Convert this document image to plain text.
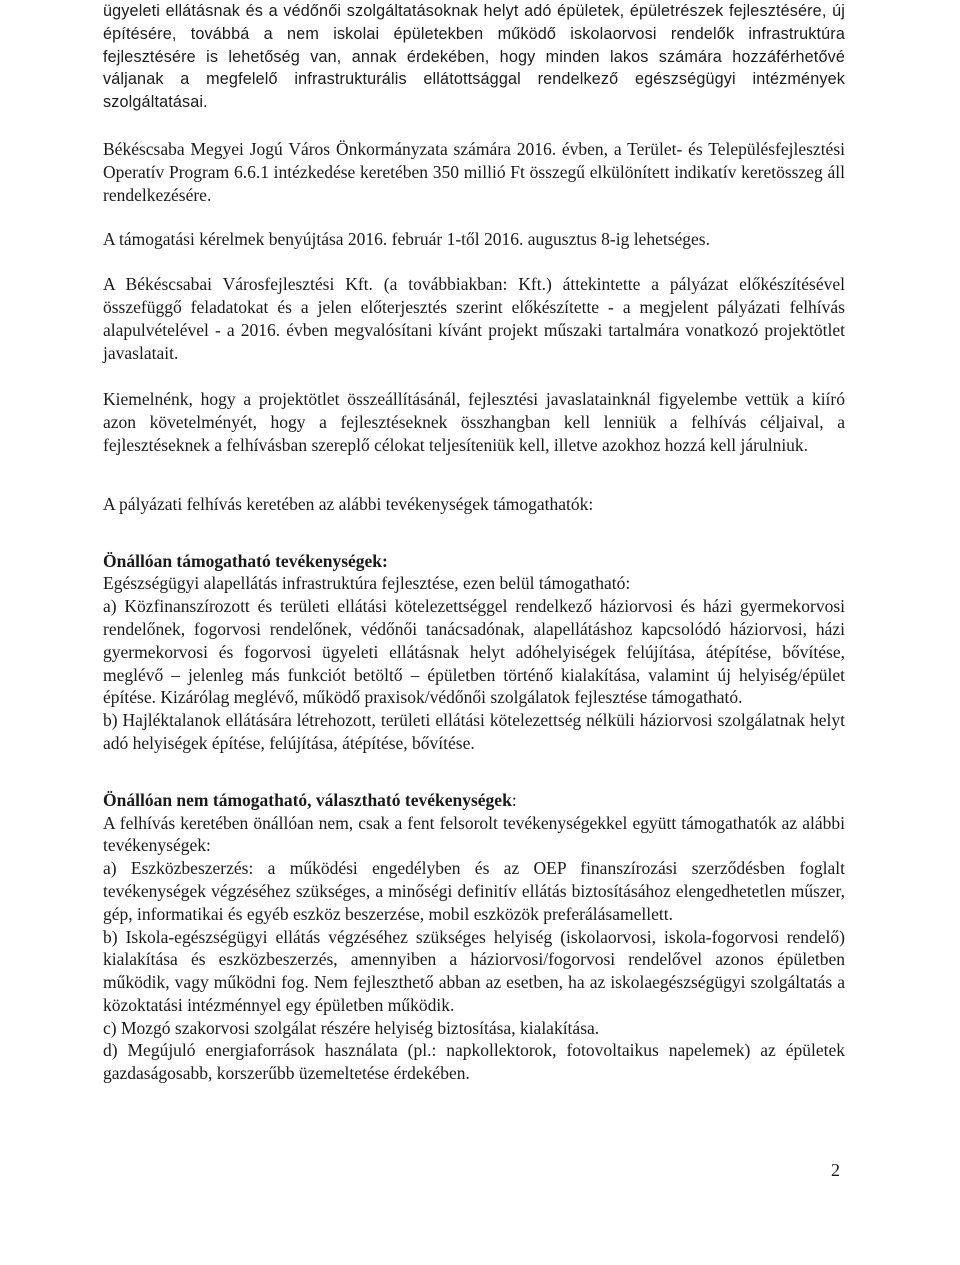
ügyeleti ellátásnak és a védőnői szolgáltatásoknak helyt adó épületek, épületrészek fejlesztésére, új építésére, továbbá a nem iskolai épületekben működő iskolaorvosi rendelők infrastruktúra fejlesztésére is lehetőség van, annak érdekében, hogy minden lakos számára hozzáférhetővé váljanak a megfelelő infrastrukturális ellátottsággal rendelkező egészségügyi intézmények szolgáltatásai.

Békéscsaba Megyei Jogú Város Önkormányzata számára 2016. évben, a Terület- és Településfejlesztési Operatív Program 6.6.1 intézkedése keretében 350 millió Ft összegű elkülönített indikatív keretösszeg áll rendelkezésére.

A támogatási kérelmek benyújtása 2016. február 1-től 2016. augusztus 8-ig lehetséges.

A Békéscsabai Városfejlesztési Kft. (a továbbiakban: Kft.) áttekintette a pályázat előkészítésével összefüggő feladatokat és a jelen előterjesztés szerint előkészítette - a megjelent pályázati felhívás alapulvételével - a 2016. évben megvalósítani kívánt projekt műszaki tartalmára vonatkozó projektötlet javaslatait.

Kiemelnénk, hogy a projektötlet összeállításánál, fejlesztési javaslatainknál figyelembe vettük a kiíró azon követelményét, hogy a fejlesztéseknek összhangban kell lenniük a felhívás céljaival, a fejlesztéseknek a felhívásban szereplő célokat teljesíteniük kell, illetve azokhoz hozzá kell járulniuk.

A pályázati felhívás keretében az alábbi tevékenységek támogathatók:

Önállóan támogatható tevékenységek:

Egészségügyi alapellátás infrastruktúra fejlesztése, ezen belül támogatható:

a) Közfinanszírozott és területi ellátási kötelezettséggel rendelkező háziorvosi és házi gyermekorvosi rendelőnek, fogorvosi rendelőnek, védőnői tanácsadónak, alapellátáshoz kapcsolódó háziorvosi, házi gyermekorvosi és fogorvosi ügyeleti ellátásnak helyt adóhelyiségek felújítása, átépítése, bővítése, meglévő – jelenleg más funkciót betöltő – épületben történő kialakítása, valamint új helyiség/épület építése. Kizárólag meglévő, működő praxisok/védőnői szolgálatok fejlesztése támogatható.

b) Hajléktalanok ellátására létrehozott, területi ellátási kötelezettség nélküli háziorvosi szolgálatnak helyt adó helyiségek építése, felújítása, átépítése, bővítése.

Önállóan nem támogatható, választható tevékenységek:

A felhívás keretében önállóan nem, csak a fent felsorolt tevékenységekkel együtt támogathatók az alábbi tevékenységek:

a) Eszközbeszerzés: a működési engedélyben és az OEP finanszírozási szerződésben foglalt tevékenységek végzéséhez szükséges, a minőségi definitív ellátás biztosításához elengedhetetlen műszer, gép, informatikai és egyéb eszköz beszerzése, mobil eszközök preferálásamellett.

b) Iskola-egészségügyi ellátás végzéséhez szükséges helyiség (iskolaorvosi, iskola-fogorvosi rendelő) kialakítása és eszközbeszerzés, amennyiben a háziorvosi/fogorvosi rendelővel azonos épületben működik, vagy működni fog. Nem fejleszthető abban az esetben, ha az iskolaegészségügyi szolgáltatás a közoktatási intézménnyel egy épületben működik.

c) Mozgó szakorvosi szolgálat részére helyiség biztosítása, kialakítása.

d) Megújuló energiaforrások használata (pl.: napkollektorok, fotovoltaikus napelemek) az épületek gazdaságosabb, korszerűbb üzemeltetése érdekében.

2
